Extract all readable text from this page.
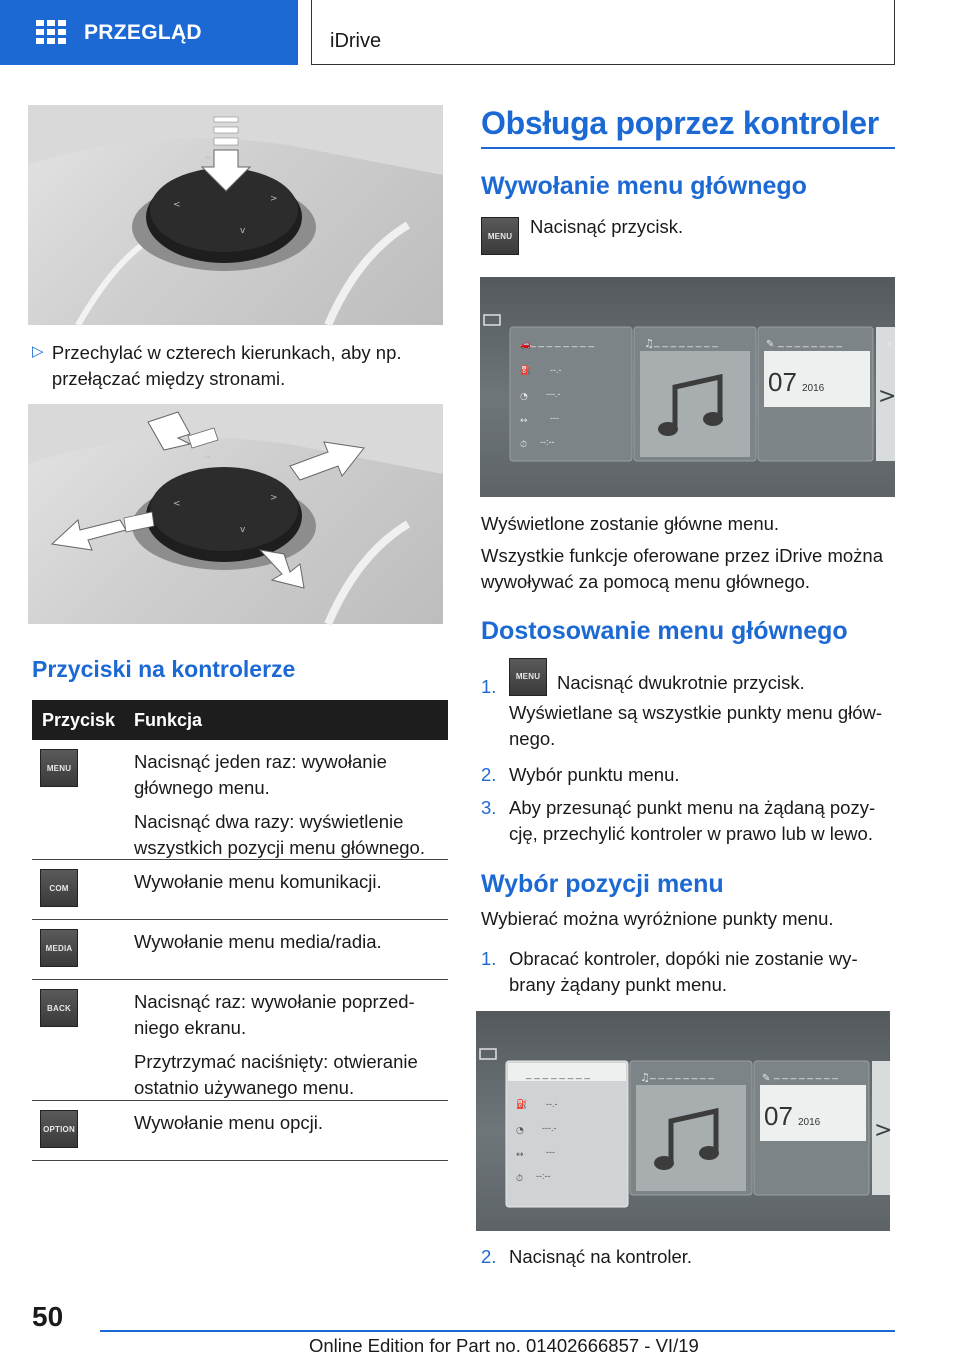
PRZEGLĄD	iDrive
^
<
>
v
▷ Przechylać w czterech kierunkach, aby np. przełączać między stronami.
^
<
>
v
Przyciski na kontrolerze
Przycisk	Funkcja
MENU	Nacisnąć jeden raz: wywołanie głównego menu.

Nacisnąć dwa razy: wyświetlenie wszystkich pozycji menu głównego.

COM	Wywołanie menu komunikacji.

MEDIA	Wywołanie menu media/radia.

BACK	Nacisnąć raz: wywołanie poprzedniego ekranu.

Przytrzymać naciśnięty: otwieranie ostatnio używanego menu.

OPTION	Wywołanie menu opcji.

Obsługa poprzez kontroler
Wywołanie menu głównego
MENU Nacisnąć przycisk.
>
🚗	♫	✎	✦
⛽
◔
↔
⏱
_ _ _ _ _ _ _ _	_ _ _ _ _ _ _ _	_ _ _ _ _ _ _ _
--.-
---.-
---
--:--
07 2016
Wyświetlone zostanie główne menu.
Wszystkie funkcje oferowane przez iDrive można wywoływać za pomocą menu głównego.
Dostosowanie menu głównego
1.	MENU Nacisnąć dwukrotnie przycisk.
Wyświetlane są wszystkie punkty menu głównego.
2. Wybór punktu menu.
3. Aby przesunąć punkt menu na żądaną pozycję, przechylić kontroler w prawo lub w lewo.
Wybór pozycji menu
Wybierać można wyróżnione punkty menu.
1. Obracać kontroler, dopóki nie zostanie wybrany żądany punkt menu.
>
♫	✎
⛽
◔
↔
⏱
_ _ _ _ _ _ _ _	_ _ _ _ _ _ _ _	_ _ _ _ _ _ _ _
--.-
---.-
---
--:--
07 2016
2. Nacisnąć na kontroler.
50
Online Edition for Part no. 01402666857 - VI/19
